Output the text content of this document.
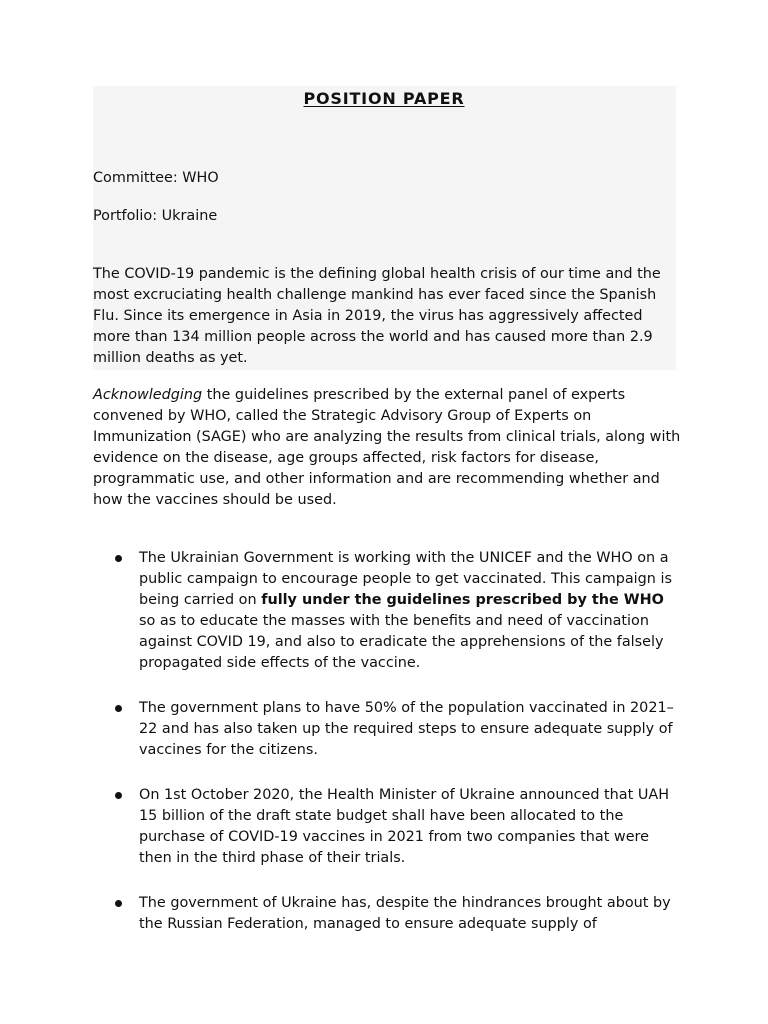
POSITION PAPER
Committee: WHO
Portfolio: Ukraine
The COVID-19 pandemic is the defining global health crisis of our time and the most excruciating health challenge mankind has ever faced since the Spanish Flu. Since its emergence in Asia in 2019, the virus has aggressively affected more than 134 million people across the world and has caused more than 2.9 million deaths as yet.
Acknowledging the guidelines prescribed by the external panel of experts convened by WHO, called the Strategic Advisory Group of Experts on Immunization (SAGE) who are analyzing the results from clinical trials, along with evidence on the disease, age groups affected, risk factors for disease, programmatic use, and other information and are recommending whether and how the vaccines should be used.
The Ukrainian Government is working with the UNICEF and the WHO on a public campaign to encourage people to get vaccinated. This campaign is being carried on fully under the guidelines prescribed by the WHO so as to educate the masses with the benefits and need of vaccination against COVID 19, and also to eradicate the apprehensions of the falsely propagated side effects of the vaccine.
The government plans to have 50% of the population vaccinated in 2021–22 and has also taken up the required steps to ensure adequate supply of vaccines for the citizens.
On 1st October 2020, the Health Minister of Ukraine announced that UAH 15 billion of the draft state budget shall have been allocated to the purchase of COVID-19 vaccines in 2021 from two companies that were then in the third phase of their trials.
The government of Ukraine has, despite the hindrances brought about by the Russian Federation, managed to ensure adequate supply of
